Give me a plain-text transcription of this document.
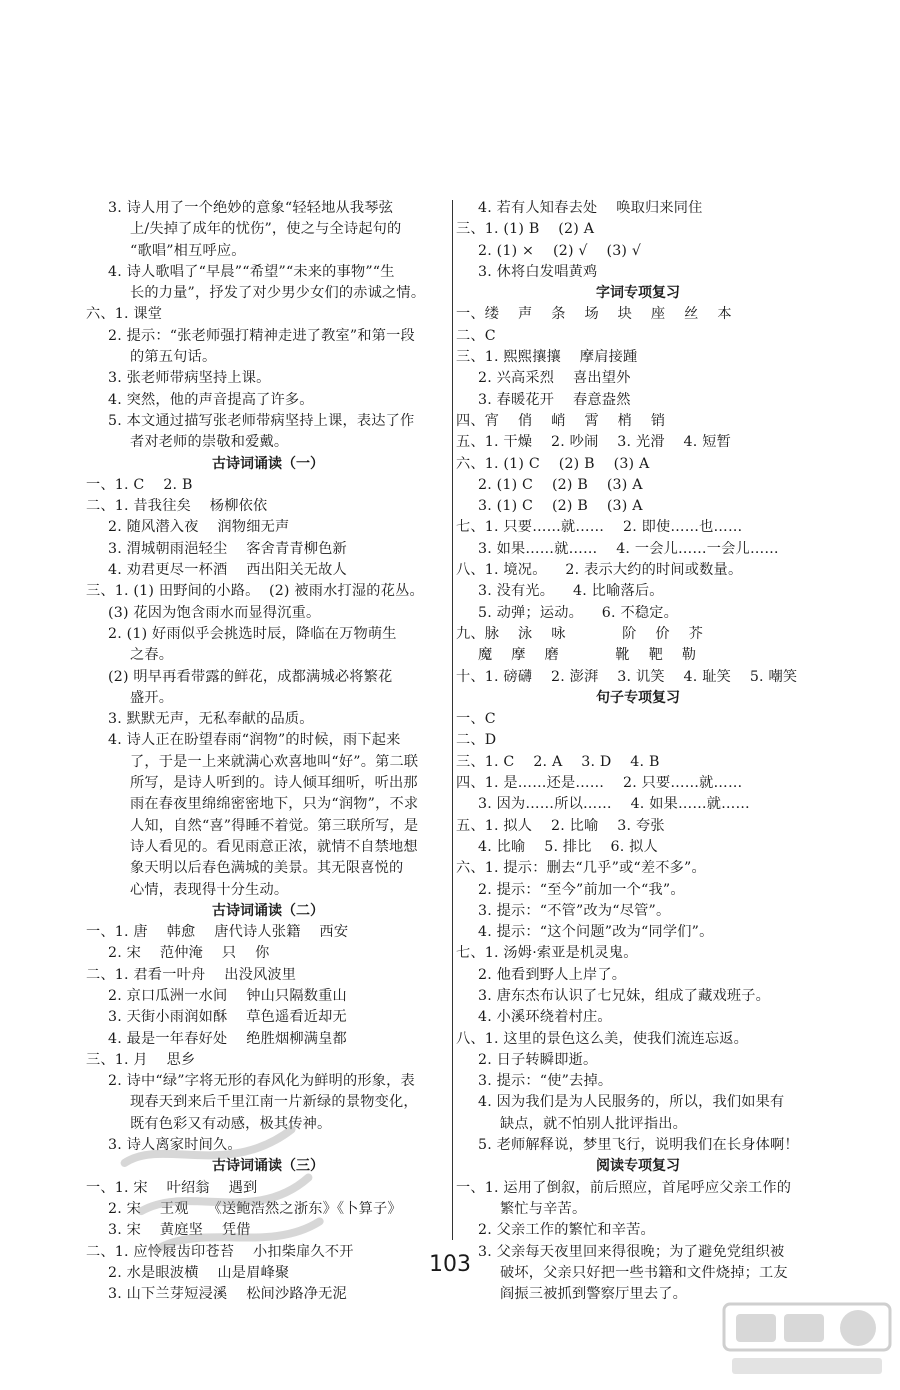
3. 诗人用了一个绝妙的意象“轻轻地从我琴弦
上/失掉了成年的忧伤”，使之与全诗起句的
“歌唱”相互呼应。
4. 诗人歌唱了“早晨”“希望”“未来的事物”“生
长的力量”，抒发了对少男少女们的赤诚之情。
六、1. 课堂
2. 提示：“张老师强打精神走进了教室”和第一段
的第五句话。
3. 张老师带病坚持上课。
4. 突然，他的声音提高了许多。
5. 本文通过描写张老师带病坚持上课，表达了作
者对老师的崇敬和爱戴。
古诗词诵读（一）
一、1. C    2. B
二、1. 昔我往矣    杨柳依依
2. 随风潜入夜    润物细无声
3. 渭城朝雨浥轻尘    客舍青青柳色新
4. 劝君更尽一杯酒    西出阳关无故人
三、1. (1) 田野间的小路。  (2) 被雨水打湿的花丛。
(3) 花因为饱含雨水而显得沉重。
2. (1) 好雨似乎会挑选时辰，降临在万物萌生
之春。
(2) 明早再看带露的鲜花，成都满城必将繁花
盛开。
3. 默默无声，无私奉献的品质。
4. 诗人正在盼望春雨“润物”的时候，雨下起来
了，于是一上来就满心欢喜地叫“好”。第二联
所写，是诗人听到的。诗人倾耳细听，听出那
雨在春夜里绵绵密密地下，只为“润物”，不求
人知，自然“喜”得睡不着觉。第三联所写，是
诗人看见的。看见雨意正浓，就情不自禁地想
象天明以后春色满城的美景。其无限喜悦的
心情，表现得十分生动。
古诗词诵读（二）
一、1. 唐    韩愈    唐代诗人张籍    西安
2. 宋    范仲淹    只    你
二、1. 君看一叶舟    出没风波里
2. 京口瓜洲一水间    钟山只隔数重山
3. 天街小雨润如酥    草色遥看近却无
4. 最是一年春好处    绝胜烟柳满皇都
三、1. 月    思乡
2. 诗中“绿”字将无形的春风化为鲜明的形象，表
现春天到来后千里江南一片新绿的景物变化，
既有色彩又有动感，极其传神。
3. 诗人离家时间久。
古诗词诵读（三）
一、1. 宋    叶绍翁    遇到
2. 宋    王观    《送鲍浩然之浙东》《卜算子》
3. 宋    黄庭坚    凭借
二、1. 应怜屐齿印苍苔    小扣柴扉久不开
2. 水是眼波横    山是眉峰聚
3. 山下兰芽短浸溪    松间沙路净无泥
4. 若有人知春去处    唤取归来同住
三、1. (1) B    (2) A
2. (1) ×    (2) √    (3) √
3. 休将白发唱黄鸡
字词专项复习
一、缕    声    条    场    块    座    丝    本
二、C
三、1. 熙熙攘攘    摩肩接踵
2. 兴高采烈    喜出望外
3. 春暖花开    春意盎然
四、宵    俏    峭    霄    梢    销
五、1. 干燥    2. 吵闹    3. 光滑    4. 短暂
六、1. (1) C    (2) B    (3) A
2. (1) C    (2) B    (3) A
3. (1) C    (2) B    (3) A
七、1. 只要……就……    2. 即使……也……
3. 如果……就……    4. 一会儿……一会儿……
八、1. 境况。    2. 表示大约的时间或数量。
3. 没有光。    4. 比喻落后。
5. 动弹；运动。    6. 不稳定。
九、脉    泳    咏            阶    价    芥
魔    摩    磨            靴    靶    勒
十、1. 磅礴    2. 澎湃    3. 讥笑    4. 耻笑    5. 嘲笑
句子专项复习
一、C
二、D
三、1. C    2. A    3. D    4. B
四、1. 是……还是……    2. 只要……就……
3. 因为……所以……    4. 如果……就……
五、1. 拟人    2. 比喻    3. 夸张
4. 比喻    5. 排比    6. 拟人
六、1. 提示：删去“几乎”或“差不多”。
2. 提示：“至今”前加一个“我”。
3. 提示：“不管”改为“尽管”。
4. 提示：“这个问题”改为“同学们”。
七、1. 汤姆·索亚是机灵鬼。
2. 他看到野人上岸了。
3. 唐东杰布认识了七兄妹，组成了藏戏班子。
4. 小溪环绕着村庄。
八、1. 这里的景色这么美，使我们流连忘返。
2. 日子转瞬即逝。
3. 提示：“使”去掉。
4. 因为我们是为人民服务的，所以，我们如果有
缺点，就不怕别人批评指出。
5. 老师解释说，梦里飞行，说明我们在长身体啊！
阅读专项复习
一、1. 运用了倒叙，前后照应，首尾呼应父亲工作的
繁忙与辛苦。
2. 父亲工作的繁忙和辛苦。
3. 父亲每天夜里回来得很晚；为了避免党组织被
破坏，父亲只好把一些书籍和文件烧掉；工友
阎振三被抓到警察厅里去了。
103
